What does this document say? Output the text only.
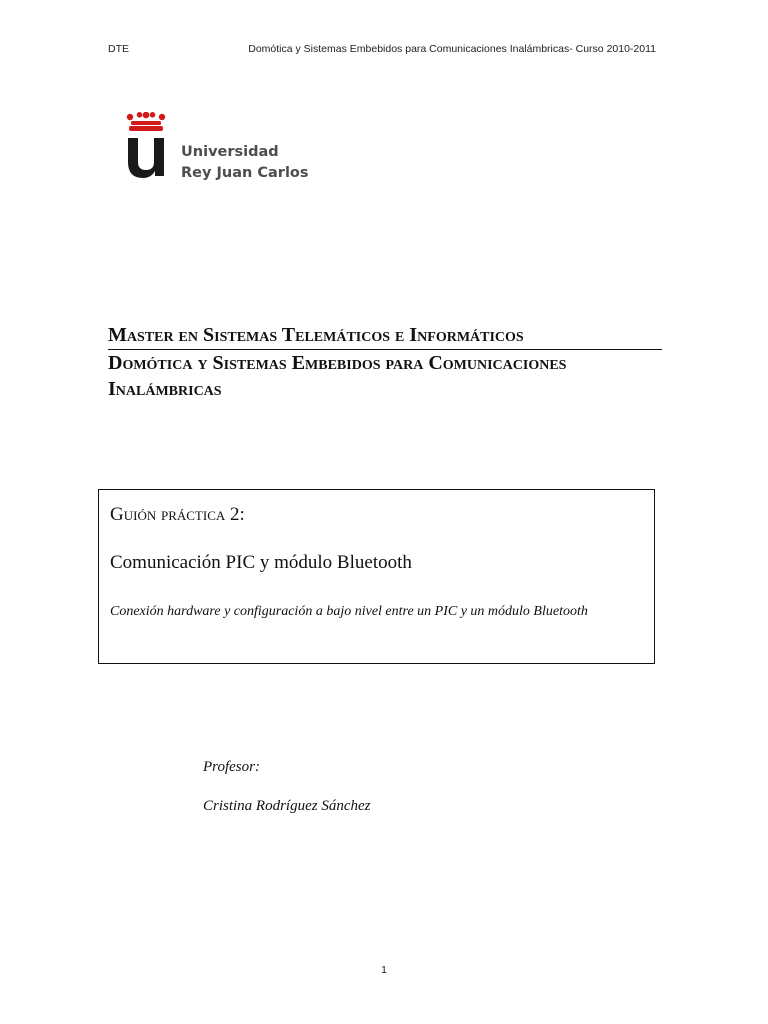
DTE	Domótica y Sistemas Embebidos para Comunicaciones Inalámbricas- Curso 2010-2011
Universidad
Rey Juan Carlos
Master en Sistemas Telemáticos e Informáticos
Domótica y Sistemas Embebidos para Comunicaciones Inalámbricas
Guión práctica 2:
Comunicación PIC y módulo Bluetooth
Conexión hardware y configuración a bajo nivel entre un PIC y un módulo Bluetooth
Profesor:
Cristina Rodríguez Sánchez
1
